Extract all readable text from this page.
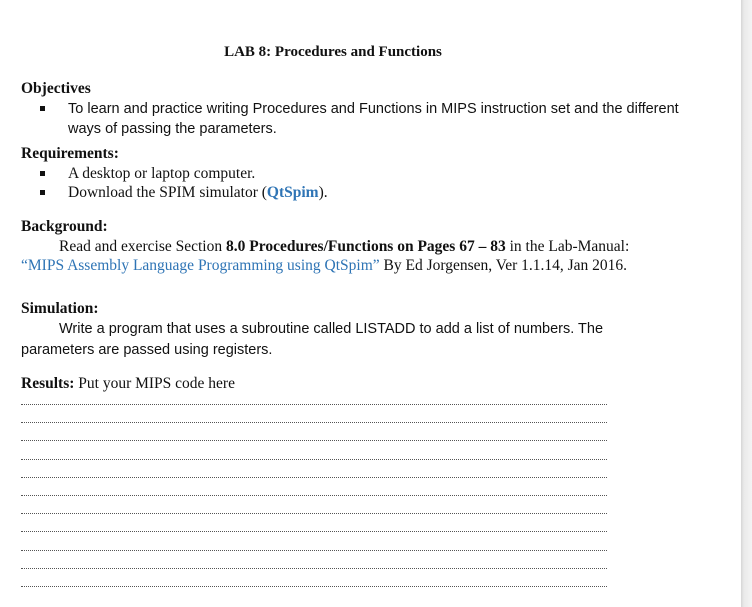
LAB 8: Procedures and Functions
Objectives
To learn and practice writing Procedures and Functions in MIPS instruction set and the different ways of passing the parameters.
Requirements:
A desktop or laptop computer.
Download the SPIM simulator (QtSpim).
Background:
Read and exercise Section 8.0 Procedures/Functions on Pages 67 – 83 in the Lab-Manual: “MIPS Assembly Language Programming using QtSpim” By Ed Jorgensen, Ver 1.1.14, Jan 2016.
Simulation:
Write a program that uses a subroutine called LISTADD to add a list of numbers. The parameters are passed using registers.
Results: Put your MIPS code here
